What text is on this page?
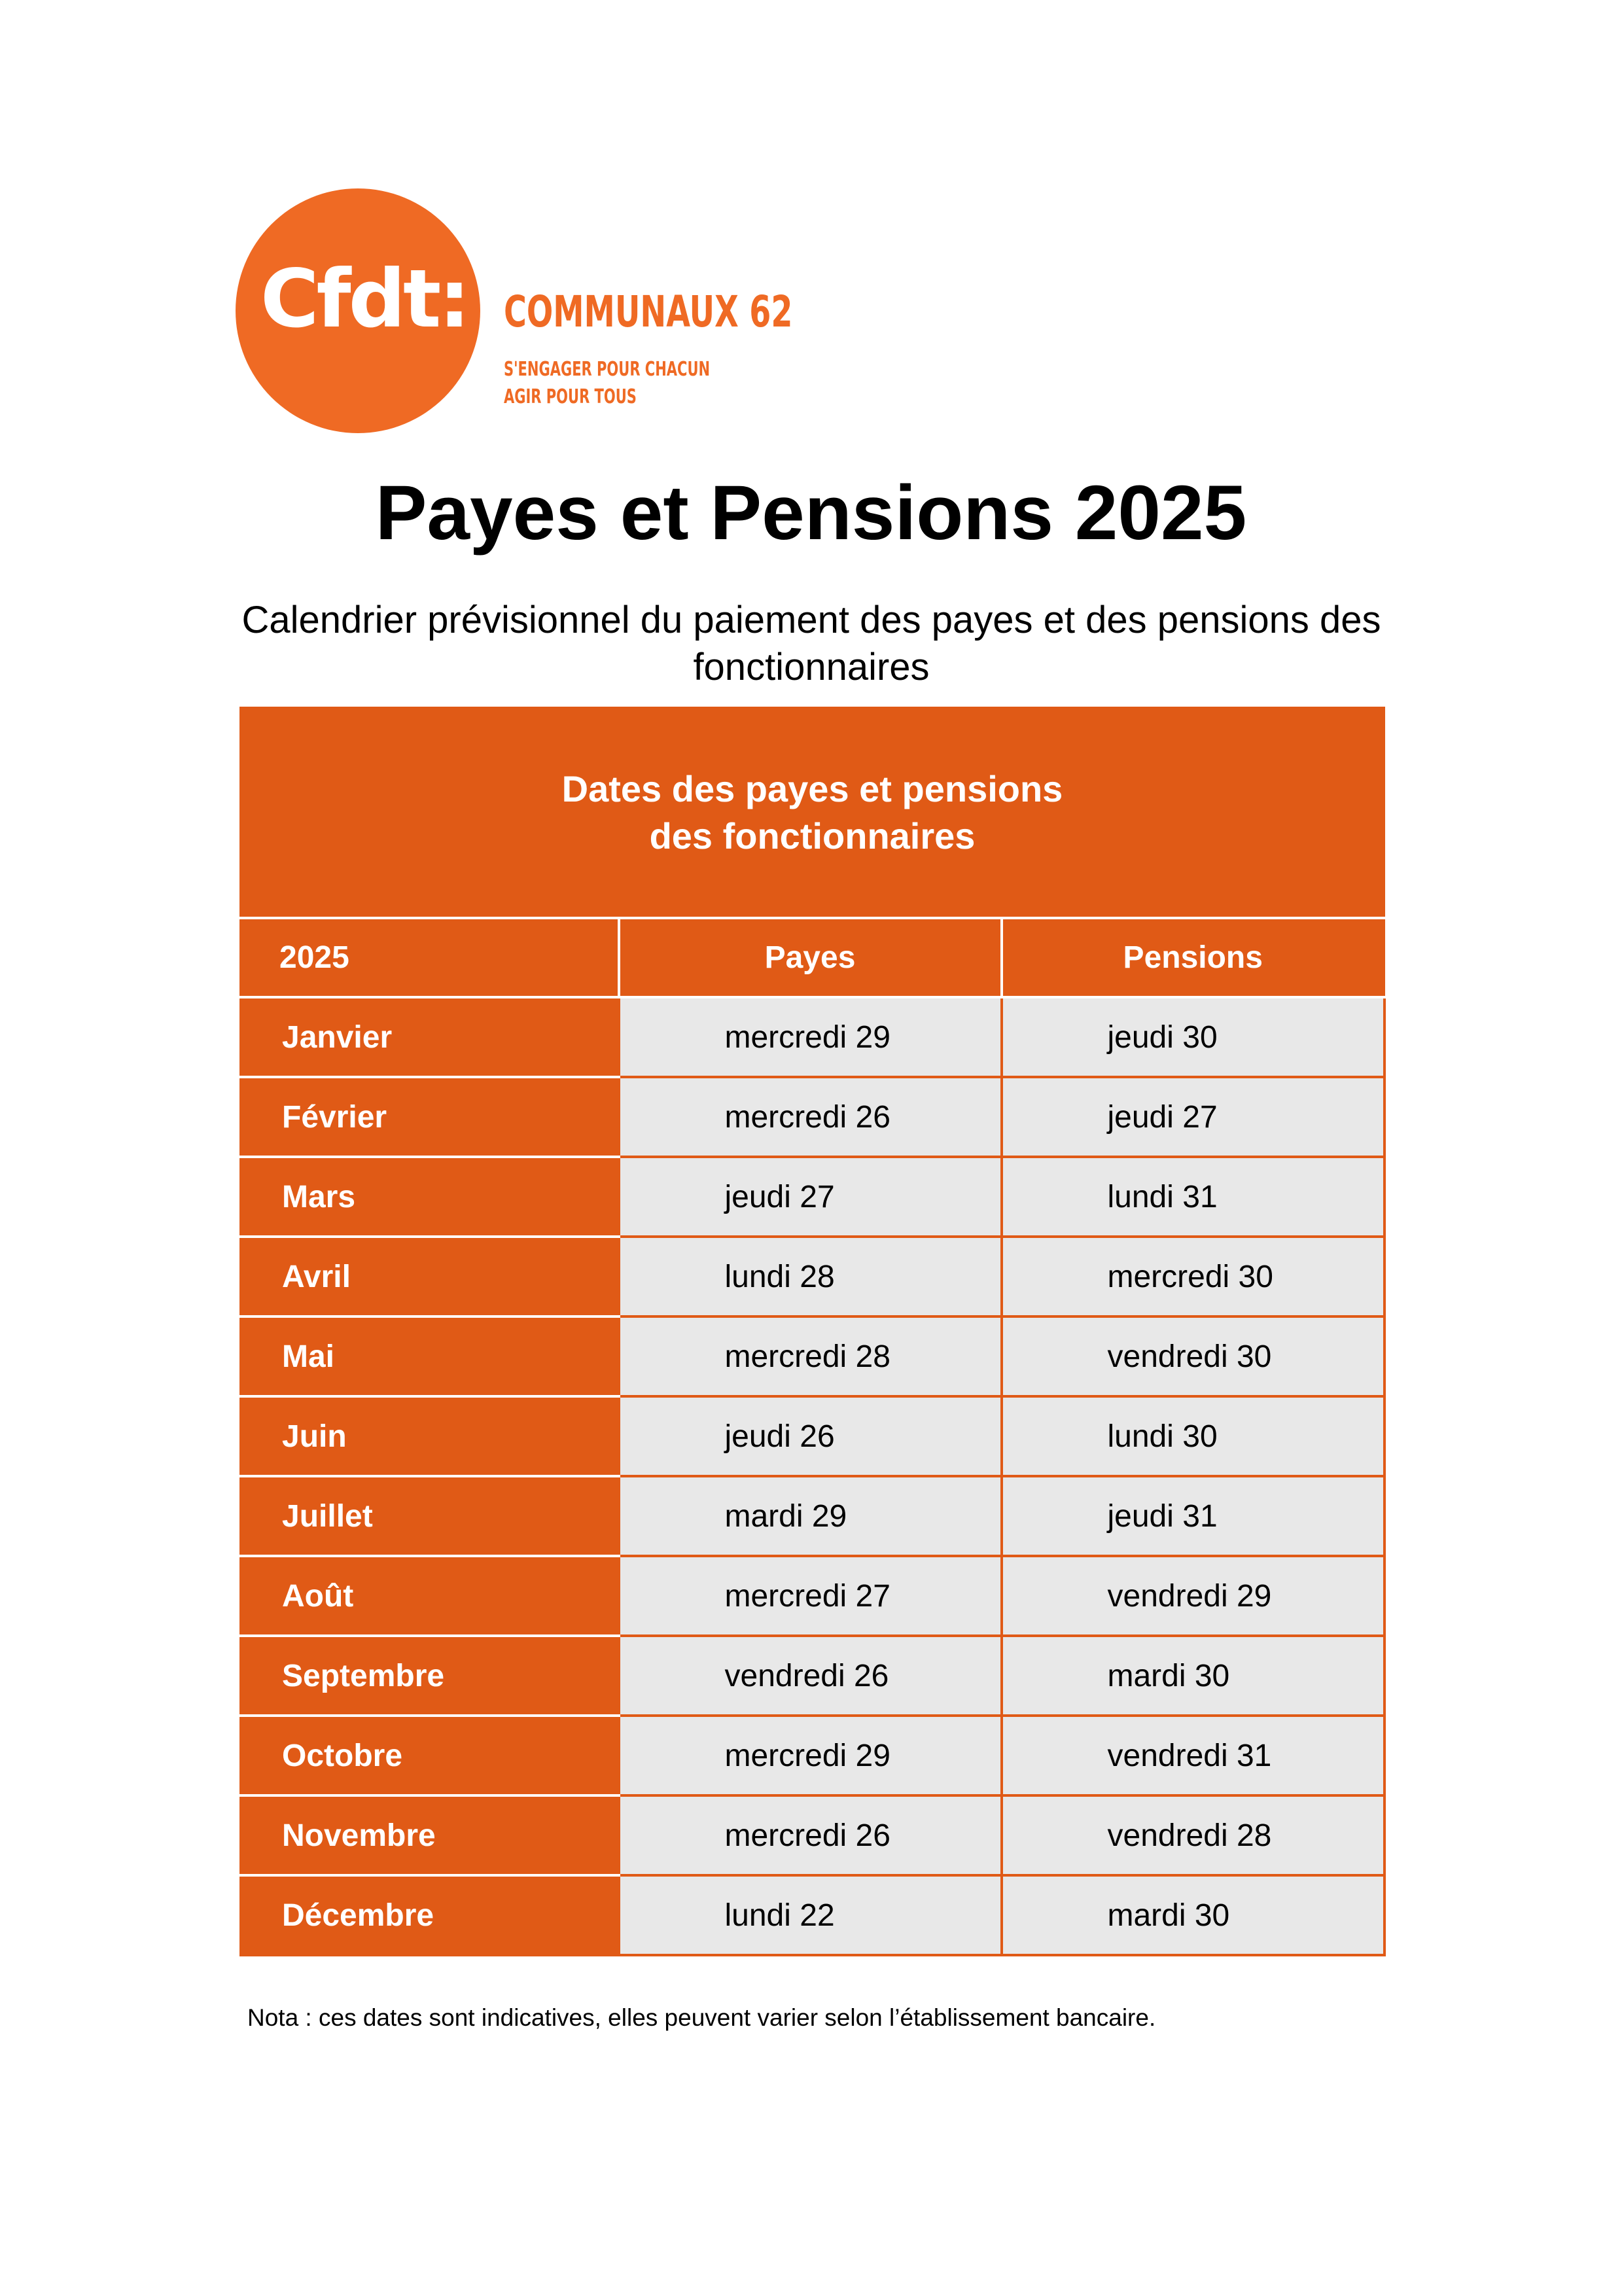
Cfdt: COMMUNAUX 62
S'ENGAGER POUR CHACUN
AGIR POUR TOUS
Payes et Pensions 2025
Calendrier prévisionnel du paiement des payes et des pensions des fonctionnaires
Dates des payes et pensions
des fonctionnaires		

2025	Payes	Pensions
Janvier	mercredi 29	jeudi 30
Février	mercredi 26	jeudi 27
Mars	jeudi 27	lundi 31
Avril	lundi 28	mercredi 30
Mai	mercredi 28	vendredi 30
Juin	jeudi 26	lundi 30
Juillet	mardi 29	jeudi 31
Août	mercredi 27	vendredi 29
Septembre	vendredi 26	mardi 30
Octobre	mercredi 29	vendredi 31
Novembre	mercredi 26	vendredi 28
Décembre	lundi 22	mardi 30
Nota : ces dates sont indicatives, elles peuvent varier selon l’établissement bancaire.
